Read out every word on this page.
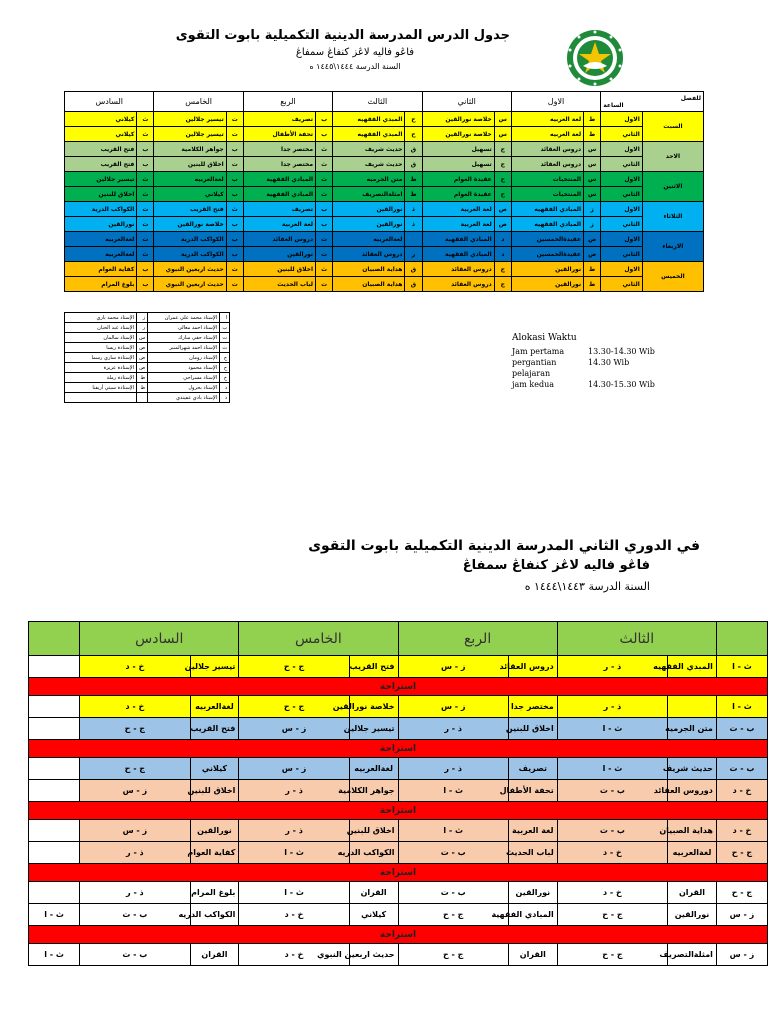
جدول الدرس المدرسة الدينية التكميلية بابوت التقوى
فاڠو فاليه لاڠز كنفاڠ سمفاڠ
السنة الدرسة ١٤٤٤\١٤٤٥ ه
للفصل
الساعة		الاول		الثاني		الثالث		الربع		الخامس		السادس	
السبت	الاول	ط	لغة العربيه	س	خلاصة نورالقين	ح	المبدي الفقهيه	ب	تصريف	ت	تيسير جلالين	ث	كيلاني
	الثاني	ط	لغة العربيه	س	خلاصة نورالقين	ح	المبدي الفقهيه	ب	تحفة الأطفال	ت	تيسير جلالين	ث	كيلاني
الاحد	الاول	س	دروس العقائد	ج	تسهيل	ق	حديث شريف	ث	مختصر جدا	ب	جواهر الكلامية	ب	فتح القريب
	الثاني	س	دروس العقائد	ج	تسهيل	ق	حديث شريف	ث	مختصر جدا	ت	اخلاق للبنين	ب	فتح القريب
الاثنين	الاول	س	المنتخبات	ح	عقيدة العوام	ظ	متن الجرميه	ث	المبادي الفقهية	ب	لغةالعربيه	ث	تيسير جلالين
	الثاني	س	المنتخبات	ح	عقيدة العوام	ظ	امثلةالتصريف	ث	المبادي الفقهية	ب	كيلاني	ث	اخلاق للبنين
الثلاثاء	الاول	ز	المبادي الفقهيه	ص	لغة العربية	ذ	نورالقين	ب	تصريف	ث	فتح القريب	ت	الكواكب الدرية
	الثاني	ز	المبادي الفقهيه	ص	لغة العربية	ذ	نورالقين	ب	لغة العربية	ب	خلاصة نورالقين	ت	نورالقين
الاربعاء	الاول	ص	عقيدةالخمسين	د	المبادي الفقهية		لغةالعربيه	ت	دروس العقائد	ب	الكواكب الدرية	ت	لغةالعربيه
	الثاني	ص	عقيدةالخمسين	د	المبادي الفقهية	ر	دروس العقائد	ت	نورالقين	ب	الكواكب الدرية	ث	لغةالعربيه
الخميس	الاول	ط	نورالقين	ج	دروس العقائد	ق	هداية الصبيان	ث	اخلاق للبنين	ت	حديث اربعين النبوي	ب	كفاية العوام
	الثاني	ط	نورالقين	ج	دروس العقائد	ق	هداية الصبيان	ت	لباب الحديث	ت	حديث اربعين النبوي	ب	بلوغ المرام
ا	الإستاذ محمد علي عمران	ز	الإستاذ محمد باري
ب	الإستاذ احمد معالى	ر	الإستاذ عبد الحنان
ت	الإستاذ حقي مبارك	س	الإستاذ سالمان
ث	الإستاذ احمد شهرالمنير	ص	الإستاذة ريسا
ج	الإستاذ رومان	ض	الإستاذة ساري رسما
ح	الإستاذ محمود	ص	الإستاذة عزيزة
خ	الإستاذ مسراحي	ط	الإستاذة رملة
د	الإستاذ بحرول	ظ	الإستاذة سيتي أريفنا
ذ	الإستاذ بادي عفيندي		
Alokasi Waktu
Jam pertama	13.30-14.30 Wib
pergantian pelajaran
14.30 Wib
jam kedua	14.30-15.30 Wib
في الدوري الثاني المدرسة الدينية التكميلية بابوت التقوى
فاڠو فاليه لاڠز كنفاڠ سمفاڠ
السنة الدرسة ١٤٤٣\١٤٤٤ ه
	الثالث		الربع		الخامس		السادس		
ث - ا	المبدي الفقهيه	ذ - ر	دروس العقائد	ز - س	فتح القريب	ج - ح	تيسير جلالين	خ - د	
استراحة									
ث - ا		ذ - ر	مختصر جدا	ز - س	خلاصة نورالقين	ج - ح	لغةالعربيه	خ - د	
ب - ت	متن الجرميه	ث - ا	اخلاق للبنين	ذ - ر	تيسير جلالين	ز - س	فتح القريب	ج - ح	
استراحة									
ب - ت	حديث شريف	ث - ا	تصريف	ذ - ر	لغةالعربيه	ز - س	كيلاني	ج - ح	
خ - د	دوروس العقائد	ب - ت	تحفة الأطفال	ث - ا	جواهر الكلامية	ذ - ر	اخلاق للبنين	ز - س	
استراحة									
خ - د	هداية الصبيان	ب - ت	لغة العربية	ث - ا	اخلاق للبنين	ذ - ر	نورالقين	ز - س	
ج - ح	لغةالعربيه	خ - د	لباب الحديث	ب - ت	الكواكب الدريه	ث - ا	كفاية العوام	ذ - ر	
استراحة									
ج - ح	القران	خ - د	نورالقين	ب - ت	القران	ث - ا	بلوغ المرام	ذ - ر	
ز - س	نورالقين	ج - ح	المبادي الفقهية	ج - ح	كيلاني	خ - د	الكواكب الدريه	ب - ت	ث - ا
استراحة									
ز - س	امثلةالتصريف	ج - ح	القران	ج - ح	حديث اربعين النبوي	خ - د	القران	ب - ت	ث - ا
